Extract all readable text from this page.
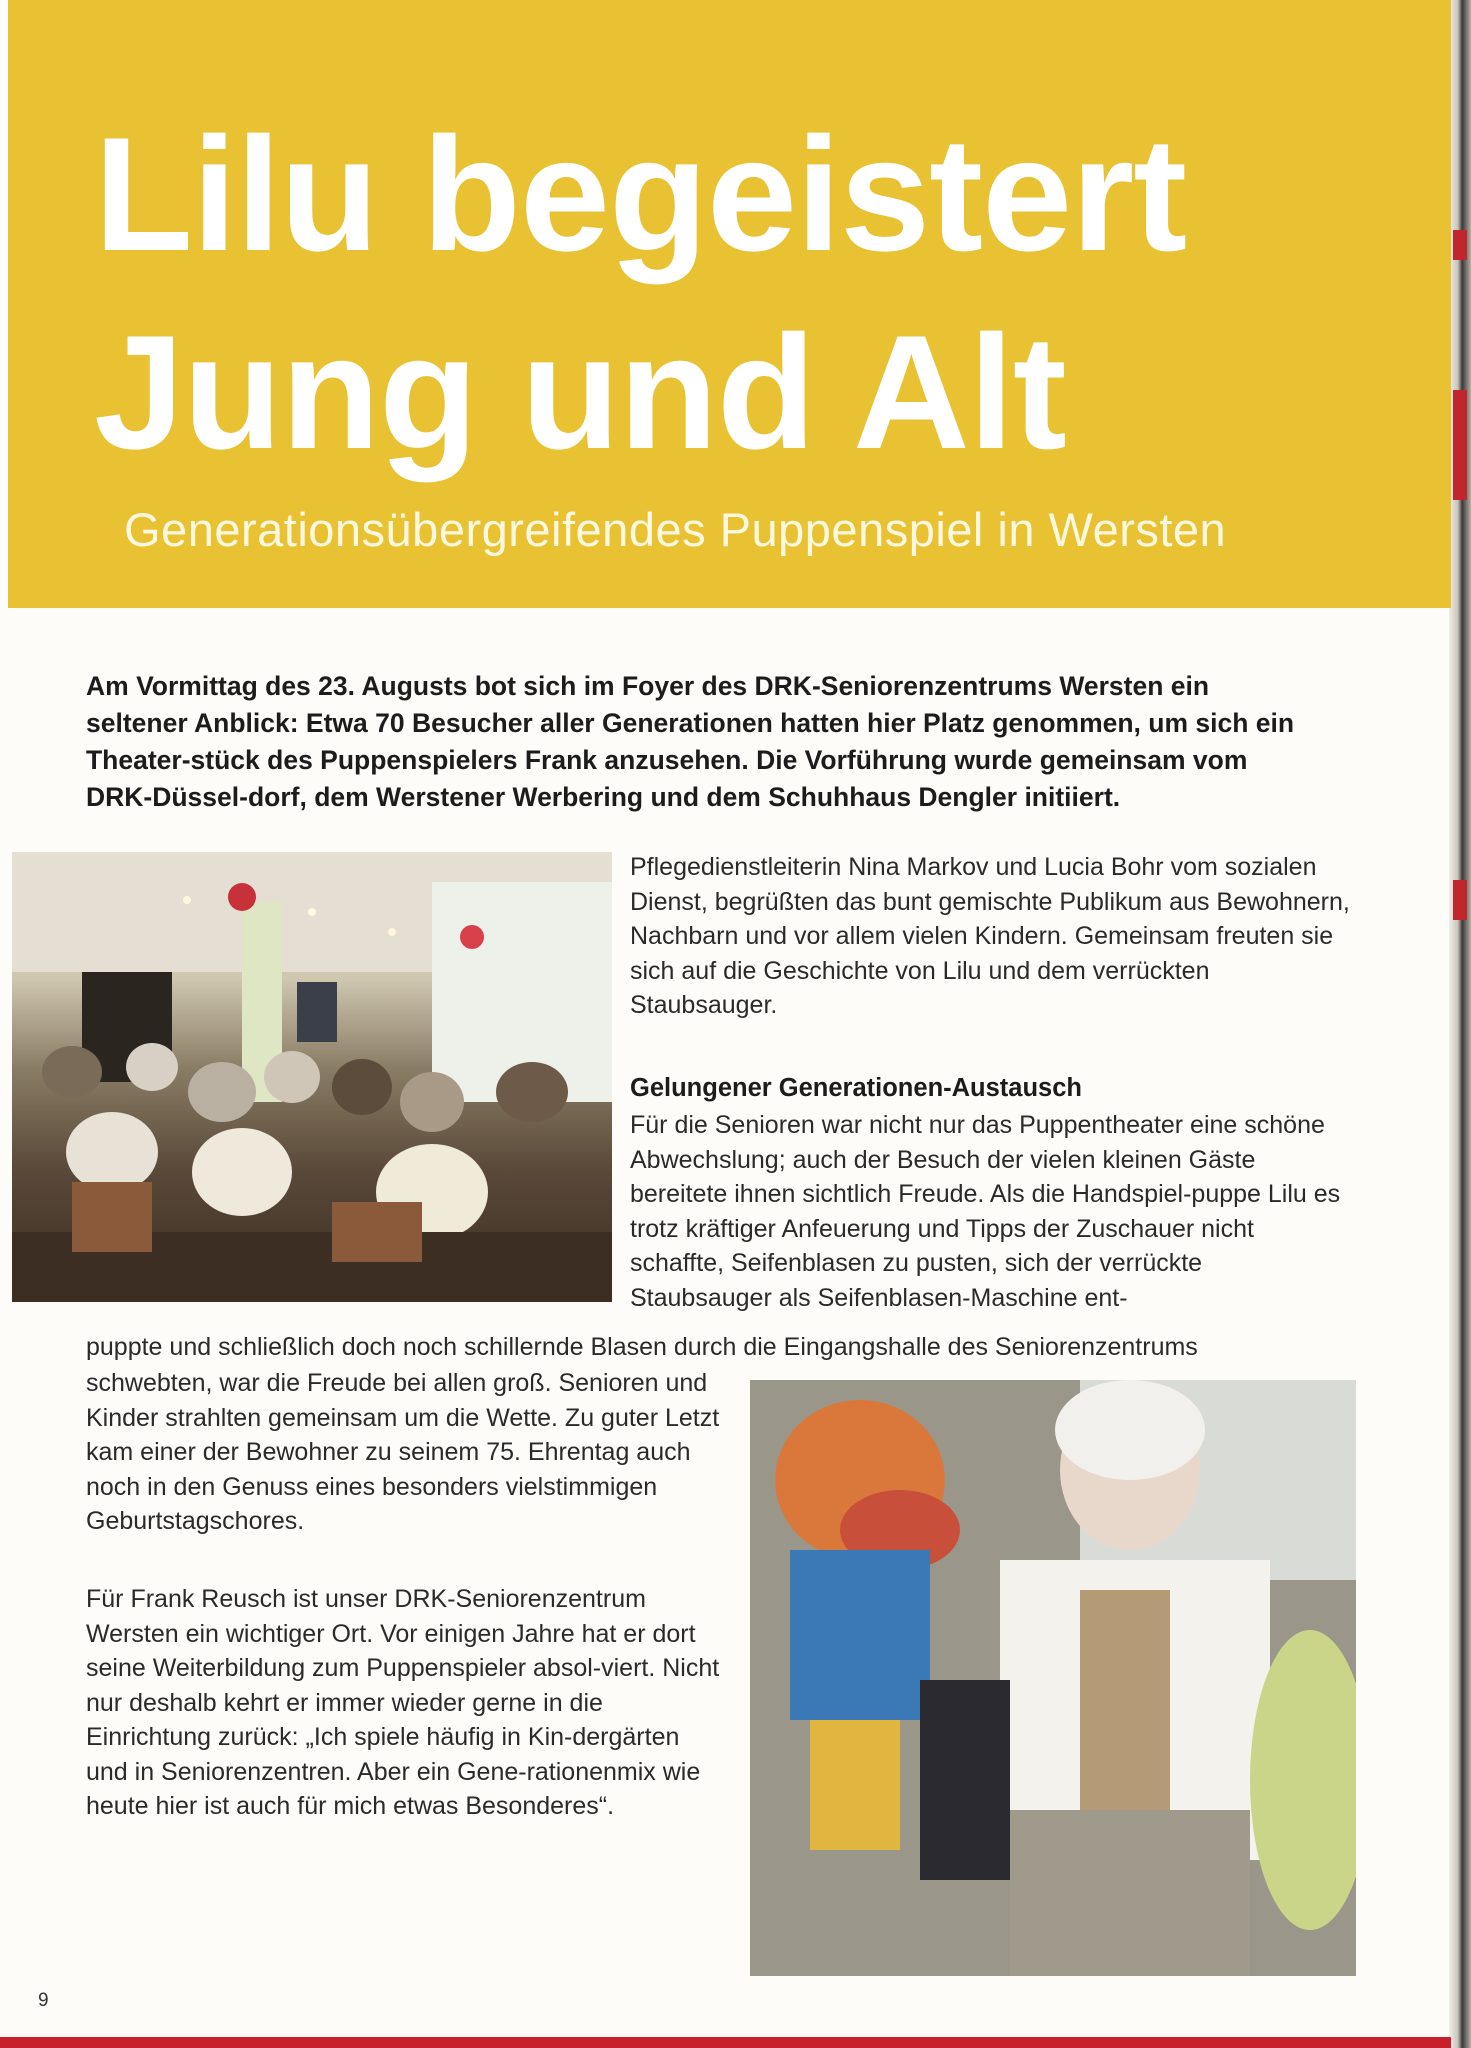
Lilu begeistert
Jung und Alt
Generationsübergreifendes Puppenspiel in Wersten

Am Vormittag des 23. Augusts bot sich im Foyer des DRK-Seniorenzentrums Wersten ein seltener Anblick: Etwa 70 Besucher aller Generationen hatten hier Platz genommen, um sich ein Theater-stück des Puppenspielers Frank anzusehen. Die Vorführung wurde gemeinsam vom DRK-Düssel-dorf, dem Werstener Werbering und dem Schuhhaus Dengler initiiert.

Pflegedienstleiterin Nina Markov und Lucia Bohr vom sozialen Dienst, begrüßten das bunt gemischte Publikum aus Bewohnern, Nachbarn und vor allem vielen Kindern. Gemeinsam freuten sie sich auf die Geschichte von Lilu und dem verrückten Staubsauger.

Gelungener Generationen-Austausch

Für die Senioren war nicht nur das Puppentheater eine schöne Abwechslung; auch der Besuch der vielen kleinen Gäste bereitete ihnen sichtlich Freude. Als die Handspiel-puppe Lilu es trotz kräftiger Anfeuerung und Tipps der Zuschauer nicht schaffte, Seifenblasen zu pusten, sich der verrückte Staubsauger als Seifenblasen-Maschine ent-

puppte und schließlich doch noch schillernde Blasen durch die Eingangshalle des Seniorenzentrums

schwebten, war die Freude bei allen groß. Senioren und Kinder strahlten gemeinsam um die Wette. Zu guter Letzt kam einer der Bewohner zu seinem 75. Ehrentag auch noch in den Genuss eines besonders vielstimmigen Geburtstagschores.

Für Frank Reusch ist unser DRK-Seniorenzentrum Wersten ein wichtiger Ort. Vor einigen Jahre hat er dort seine Weiterbildung zum Puppenspieler absol-viert. Nicht nur deshalb kehrt er immer wieder gerne in die Einrichtung zurück: „Ich spiele häufig in Kin-dergärten und in Seniorenzentren. Aber ein Gene-rationenmix wie heute hier ist auch für mich etwas Besonderes“.

9
